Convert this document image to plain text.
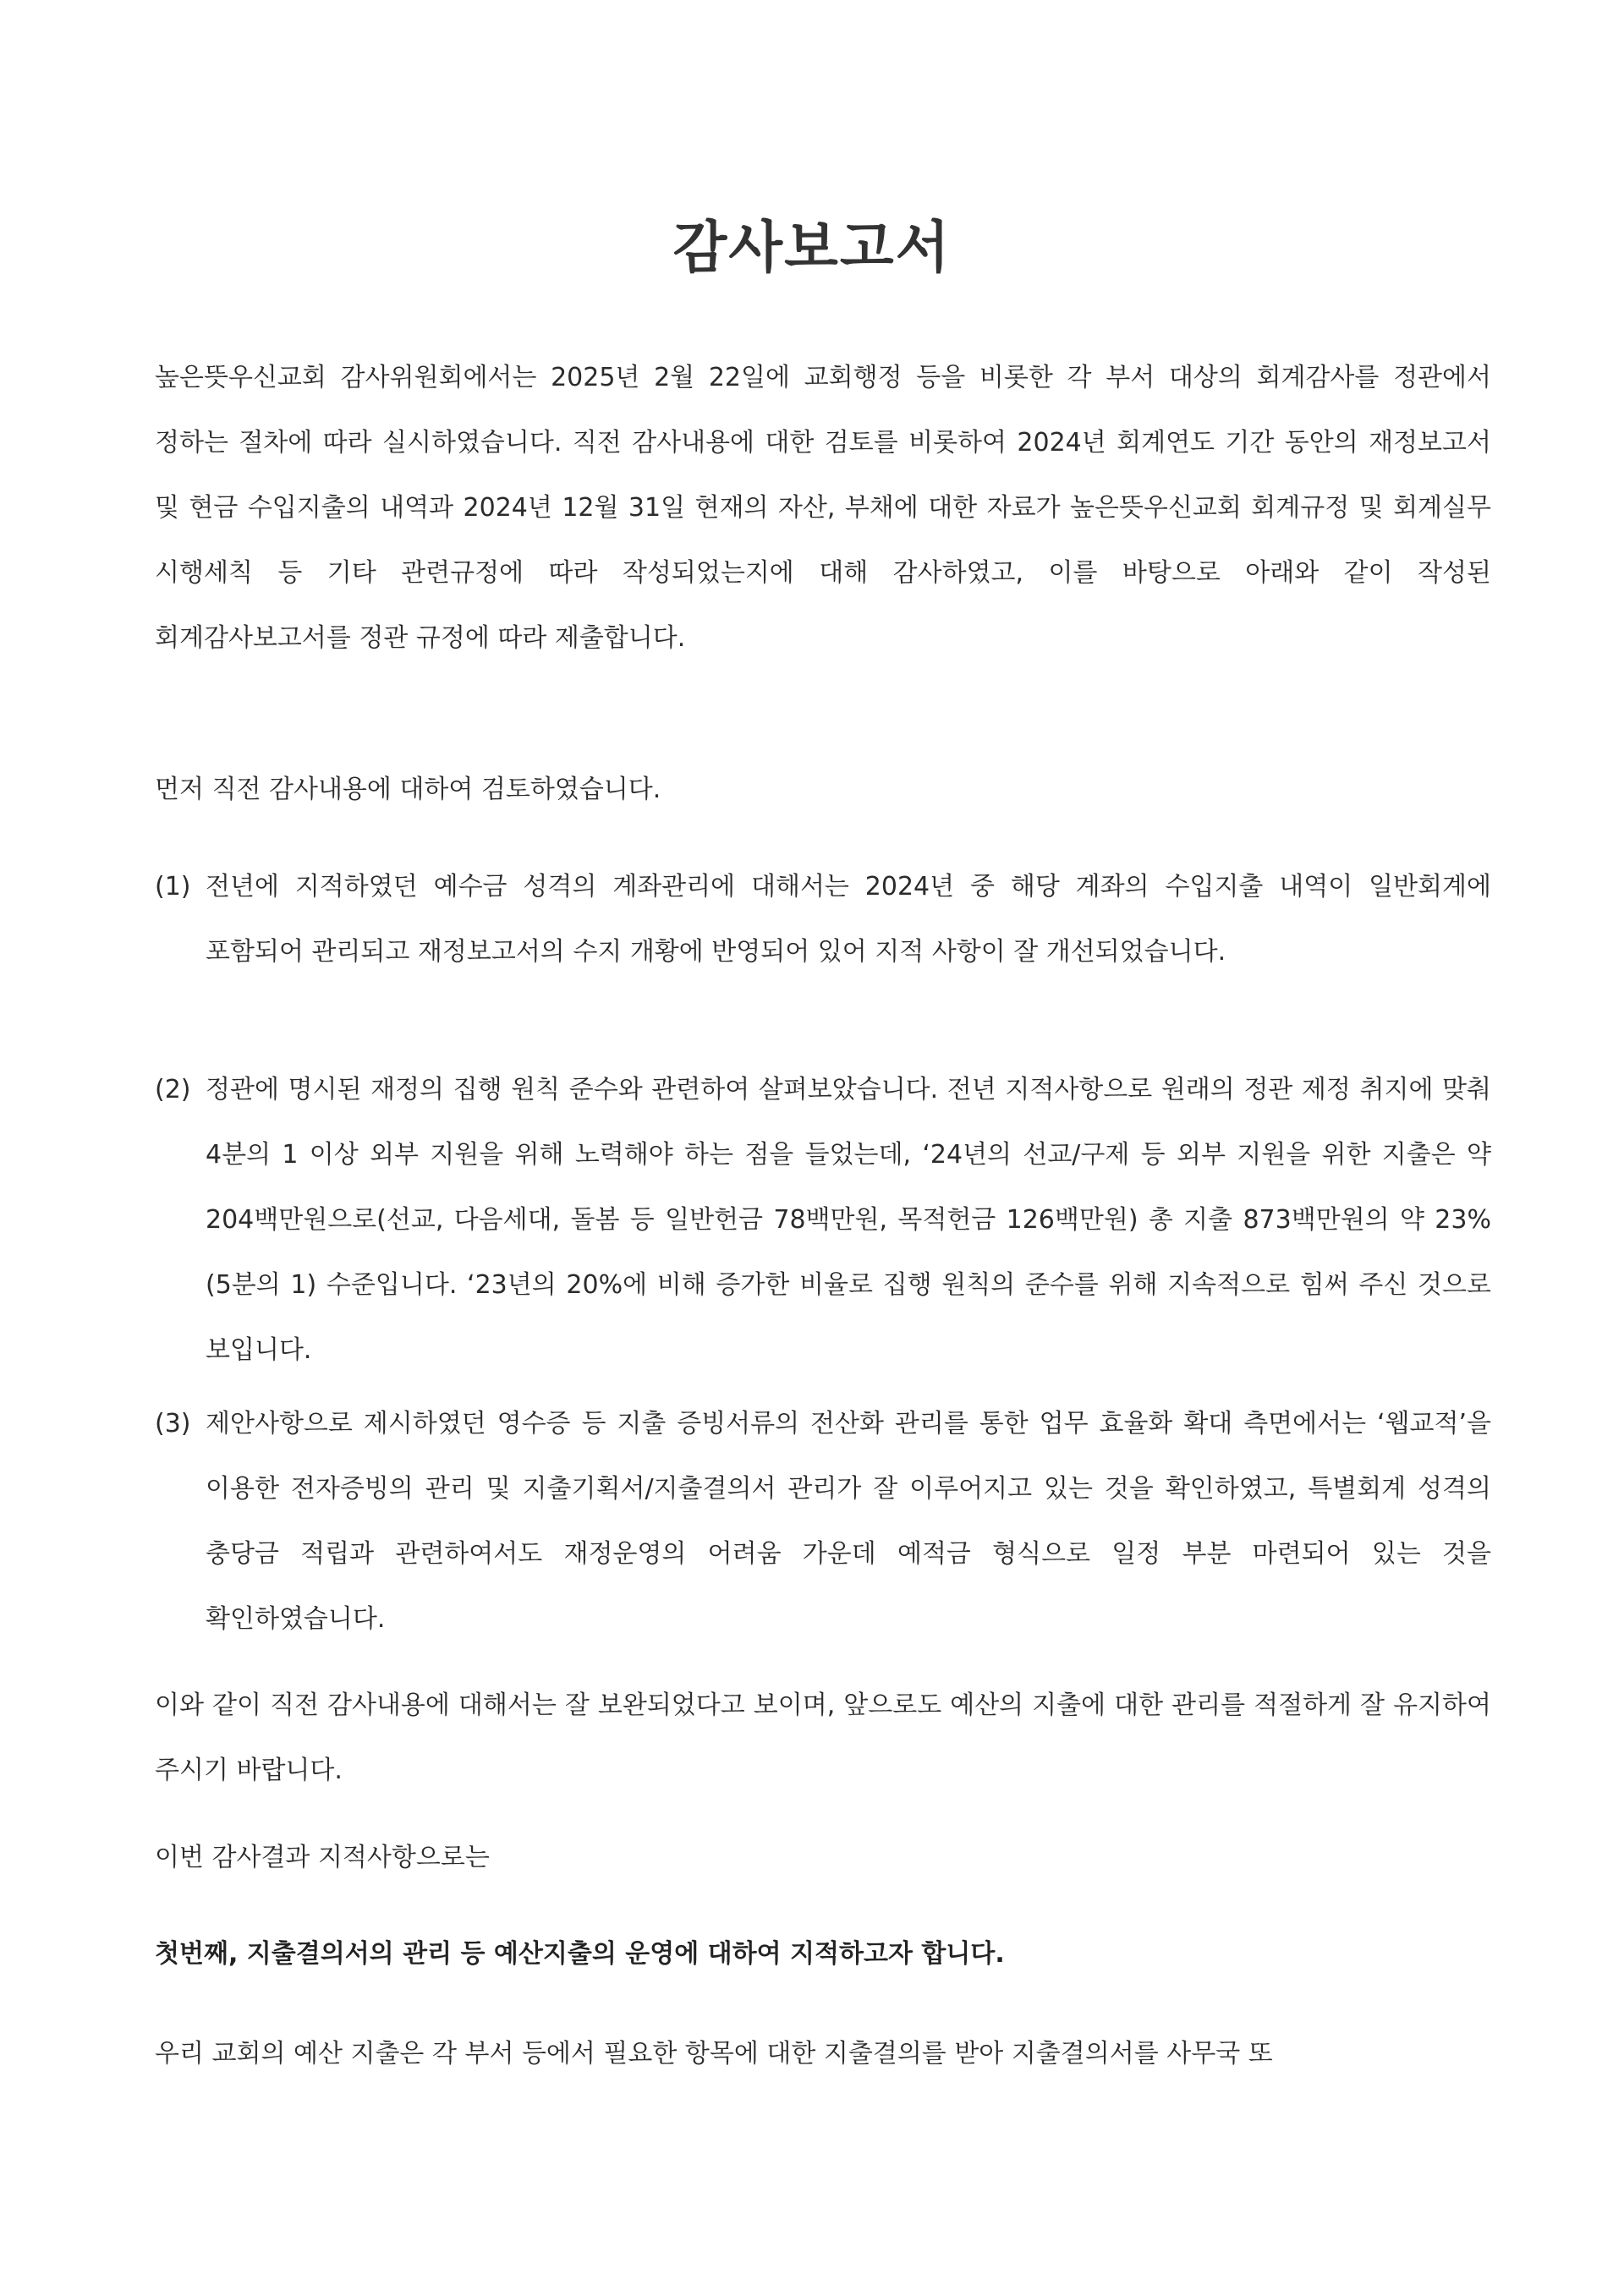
감사보고서
높은뜻우신교회 감사위원회에서는 2025년 2월 22일에 교회행정 등을 비롯한 각 부서 대상의 회계감사를 정관에서 정하는 절차에 따라 실시하였습니다. 직전 감사내용에 대한 검토를 비롯하여 2024년 회계연도 기간 동안의 재정보고서 및 현금 수입지출의 내역과 2024년 12월 31일 현재의 자산, 부채에 대한 자료가 높은뜻우신교회 회계규정 및 회계실무 시행세칙 등 기타 관련규정에 따라 작성되었는지에 대해 감사하였고, 이를 바탕으로 아래와 같이 작성된 회계감사보고서를 정관 규정에 따라 제출합니다.
먼저 직전 감사내용에 대하여 검토하였습니다.
(1) 전년에 지적하였던 예수금 성격의 계좌관리에 대해서는 2024년 중 해당 계좌의 수입지출 내역이 일반회계에 포함되어 관리되고 재정보고서의 수지 개황에 반영되어 있어 지적 사항이 잘 개선되었습니다.
(2) 정관에 명시된 재정의 집행 원칙 준수와 관련하여 살펴보았습니다. 전년 지적사항으로 원래의 정관 제정 취지에 맞춰 4분의 1 이상 외부 지원을 위해 노력해야 하는 점을 들었는데, ‘24년의 선교/구제 등 외부 지원을 위한 지출은 약 204백만원으로(선교, 다음세대, 돌봄 등 일반헌금 78백만원, 목적헌금 126백만원) 총 지출 873백만원의 약 23%(5분의 1) 수준입니다. ‘23년의 20%에 비해 증가한 비율로 집행 원칙의 준수를 위해 지속적으로 힘써 주신 것으로 보입니다.
(3) 제안사항으로 제시하였던 영수증 등 지출 증빙서류의 전산화 관리를 통한 업무 효율화 확대 측면에서는 ‘웹교적’을 이용한 전자증빙의 관리 및 지출기획서/지출결의서 관리가 잘 이루어지고 있는 것을 확인하였고, 특별회계 성격의 충당금 적립과 관련하여서도 재정운영의 어려움 가운데 예적금 형식으로 일정 부분 마련되어 있는 것을 확인하였습니다.
이와 같이 직전 감사내용에 대해서는 잘 보완되었다고 보이며, 앞으로도 예산의 지출에 대한 관리를 적절하게 잘 유지하여 주시기 바랍니다.
이번 감사결과 지적사항으로는
첫번째, 지출결의서의 관리 등 예산지출의 운영에 대하여 지적하고자 합니다.
우리 교회의 예산 지출은 각 부서 등에서 필요한 항목에 대한 지출결의를 받아 지출결의서를 사무국 또
